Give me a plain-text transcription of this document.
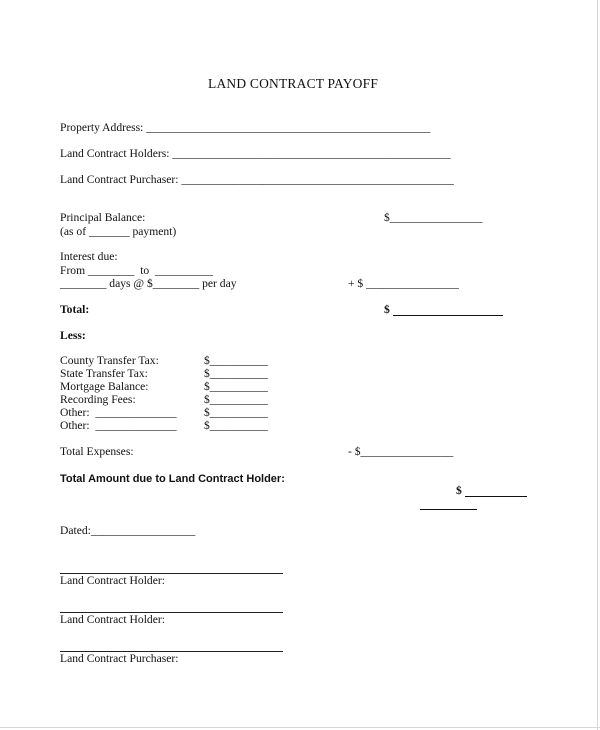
LAND CONTRACT PAYOFF
Property Address: _________________________________________________
Land Contract Holders: ________________________________________________
Land Contract Purchaser: _______________________________________________
Principal Balance:
(as of _______ payment)
$________________
Interest due:
From ________  to  __________
________ days @ $________ per day	+ $ ________________
Total:	$
Less:
County Transfer Tax:	$__________
State Transfer Tax:	$__________
Mortgage Balance:	$__________
Recording Fees:	$__________
Other:  ______________ $__________
Other:  ______________ $__________
Total Expenses:	- $________________
Total Amount due to Land Contract Holder:
$
Dated:__________________
Land Contract Holder:
Land Contract Holder:
Land Contract Purchaser:
